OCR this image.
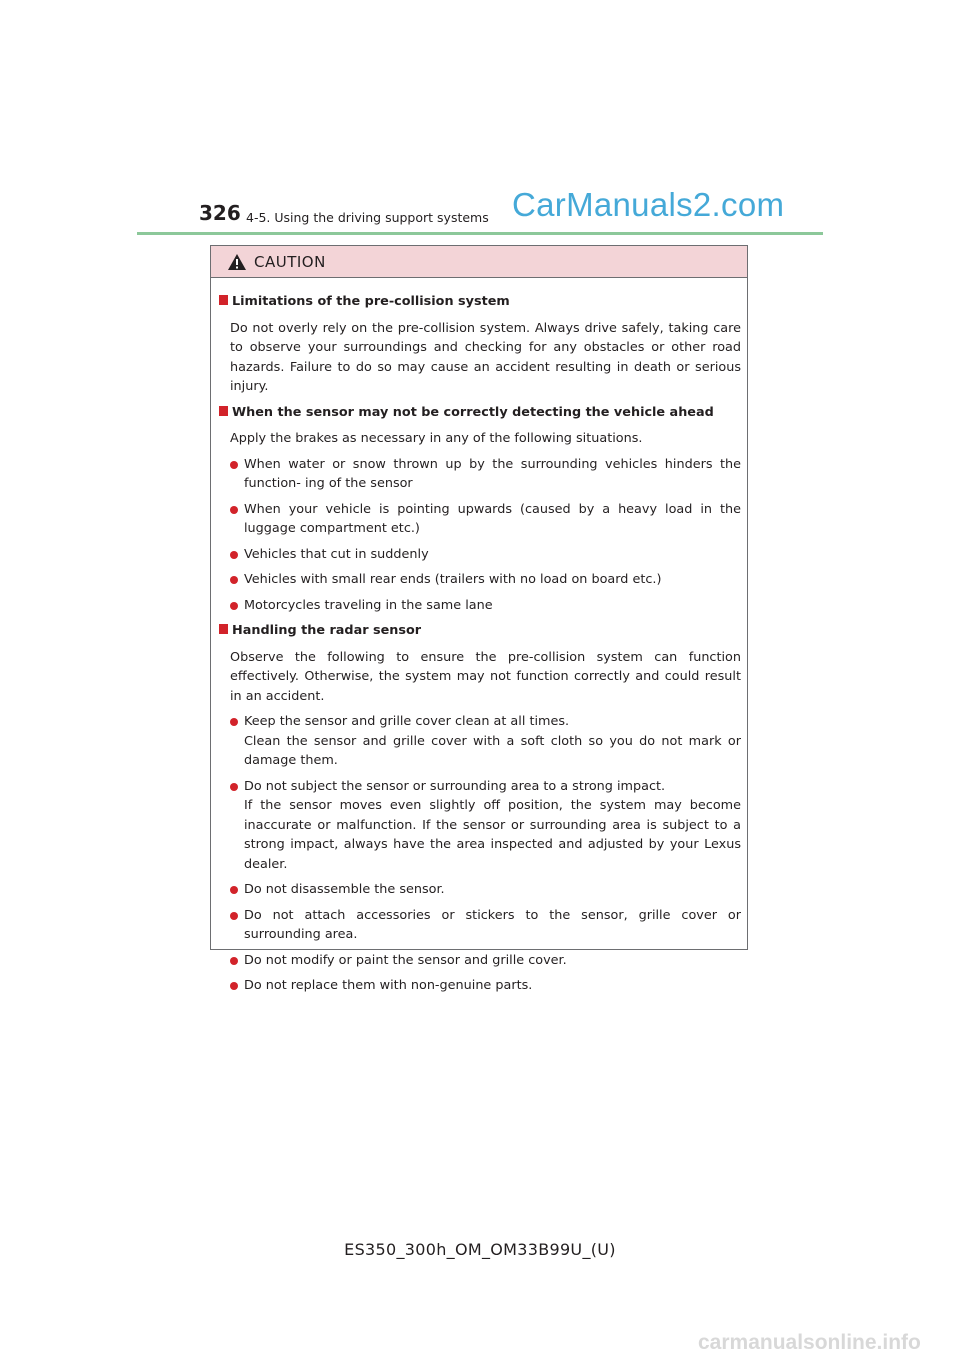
326 4-5. Using the driving support systems CarManuals2.com
CAUTION
Limitations of the pre-collision system
Do not overly rely on the pre-collision system. Always drive safely, taking care to observe your surroundings and checking for any obstacles or other road hazards. Failure to do so may cause an accident resulting in death or serious injury.
When the sensor may not be correctly detecting the vehicle ahead
Apply the brakes as necessary in any of the following situations.
When water or snow thrown up by the surrounding vehicles hinders the function- ing of the sensor
When your vehicle is pointing upwards (caused by a heavy load in the luggage compartment etc.)
Vehicles that cut in suddenly
Vehicles with small rear ends (trailers with no load on board etc.)
Motorcycles traveling in the same lane
Handling the radar sensor
Observe the following to ensure the pre-collision system can function effectively. Otherwise, the system may not function correctly and could result in an accident.
Keep the sensor and grille cover clean at all times.
Clean the sensor and grille cover with a soft cloth so you do not mark or damage them.
Do not subject the sensor or surrounding area to a strong impact.
If the sensor moves even slightly off position, the system may become inaccurate or malfunction. If the sensor or surrounding area is subject to a strong impact, always have the area inspected and adjusted by your Lexus dealer.
Do not disassemble the sensor.
Do not attach accessories or stickers to the sensor, grille cover or surrounding area.
Do not modify or paint the sensor and grille cover.
Do not replace them with non-genuine parts.
ES350_300h_OM_OM33B99U_(U)
carmanualsonline.info
